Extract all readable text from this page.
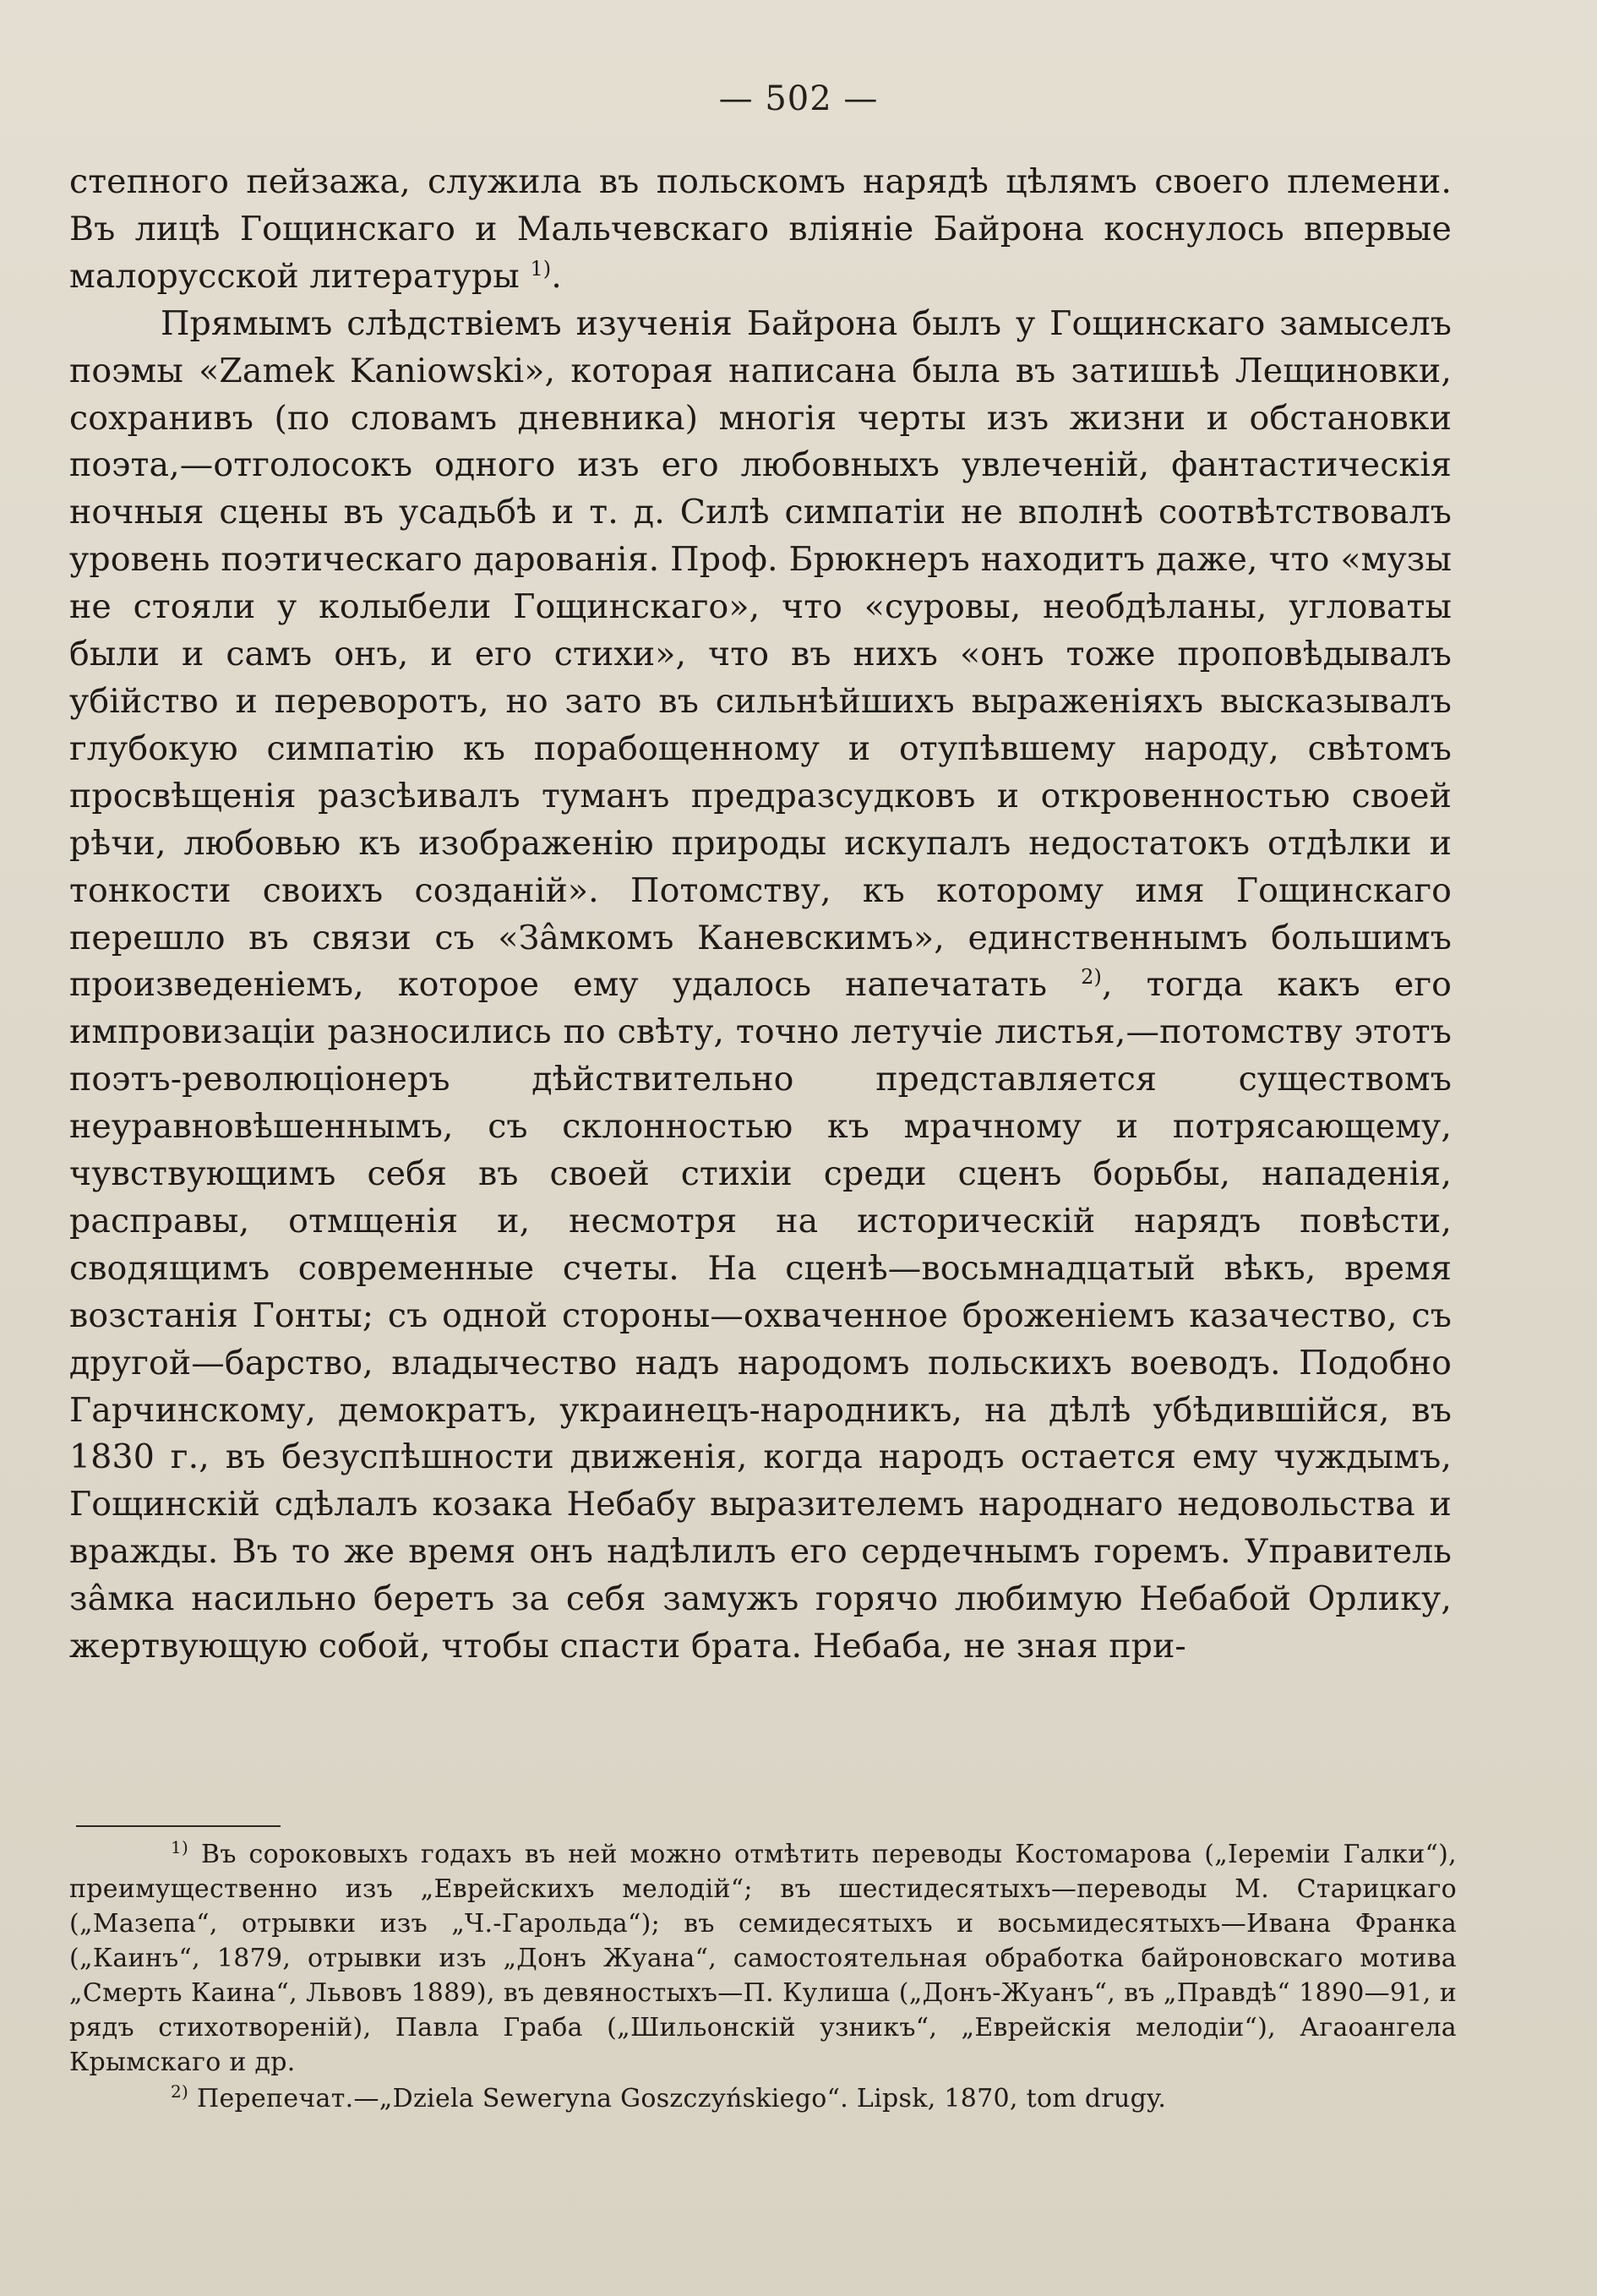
— 502 —

степного пейзажа, служила въ польскомъ нарядѣ цѣлямъ своего племени. Въ лицѣ Гощинскаго и Мальчевскаго вліяніе Байрона коснулось впервые малорусской литературы $^{1)}$.

Прямымъ слѣдствіемъ изученія Байрона былъ у Гощинскаго замыселъ поэмы «Zamek Kaniowski», которая написана была въ затишьѣ Лещиновки, сохранивъ (по словамъ дневника) многія черты изъ жизни и обстановки поэта,—отголосокъ одного изъ его любовныхъ увлеченій, фантастическія ночныя сцены въ усадьбѣ и т. д. Силѣ симпатіи не вполнѣ соотвѣтствовалъ уровень поэтическаго дарованія. Проф. Брюкнеръ находитъ даже, что «музы не стояли у колыбели Гощинскаго», что «суровы, необдѣланы, угловаты были и самъ онъ, и его стихи», что въ нихъ «онъ тоже проповѣдывалъ убійство и переворотъ, но зато въ сильнѣйшихъ выраженіяхъ высказывалъ глубокую симпатію къ порабощенному и отупѣвшему народу, свѣтомъ просвѣщенія разсѣивалъ туманъ предразсудковъ и откровенностью своей рѣчи, любовью къ изображенію природы искупалъ недостатокъ отдѣлки и тонкости своихъ созданій». Потомству, къ которому имя Гощинскаго перешло въ связи съ «Зâмкомъ Каневскимъ», единственнымъ большимъ произведеніемъ, которое ему удалось напечатать $^{2)}$, тогда какъ его импровизаціи разносились по свѣту, точно летучіе листья,—потомству этотъ поэтъ-революціонеръ дѣйствительно представляется существомъ неуравновѣшеннымъ, съ склонностью къ мрачному и потрясающему, чувствующимъ себя въ своей стихіи среди сценъ борьбы, нападенія, расправы, отмщенія и, несмотря на историческій нарядъ повѣсти, сводящимъ современные счеты. На сценѣ—восьмнадцатый вѣкъ, время возстанія Гонты; съ одной стороны—охваченное броженіемъ казачество, съ другой—барство, владычество надъ народомъ польскихъ воеводъ. Подобно Гарчинскому, демократъ, украинецъ-народникъ, на дѣлѣ убѣдившійся, въ 1830 г., въ безуспѣшности движенія, когда народъ остается ему чуждымъ, Гощинскій сдѣлалъ козака Небабу выразителемъ народнаго недовольства и вражды. Въ то же время онъ надѣлилъ его сердечнымъ горемъ. Управитель зâмка насильно беретъ за себя замужъ горячо любимую Небабой Орлику, жертвующую собой, чтобы спасти брата. Небаба, не зная при-

$^{1)}$ Въ сороковыхъ годахъ въ ней можно отмѣтить переводы Костомарова („Іереміи Галки“), преимущественно изъ „Еврейскихъ мелодій“; въ шестидесятыхъ—переводы М. Старицкаго („Мазепа“, отрывки изъ „Ч.-Гарольда“); въ семидесятыхъ и восьмидесятыхъ—Ивана Франка („Каинъ“, 1879, отрывки изъ „Донъ Жуана“, самостоятельная обработка байроновскаго мотива „Смерть Каина“, Львовъ 1889), въ девяностыхъ—П. Кулиша („Донъ-Жуанъ“, въ „Правдѣ“ 1890—91, и рядъ стихотвореній), Павла Граба („Шильонскій узникъ“, „Еврейскія мелодіи“), Агаоангела Крымскаго и др.

$^{2)}$ Перепечат.—„Dziela Sewerуna Goszczyńskiego“. Lipsk, 1870, tom drugy.
